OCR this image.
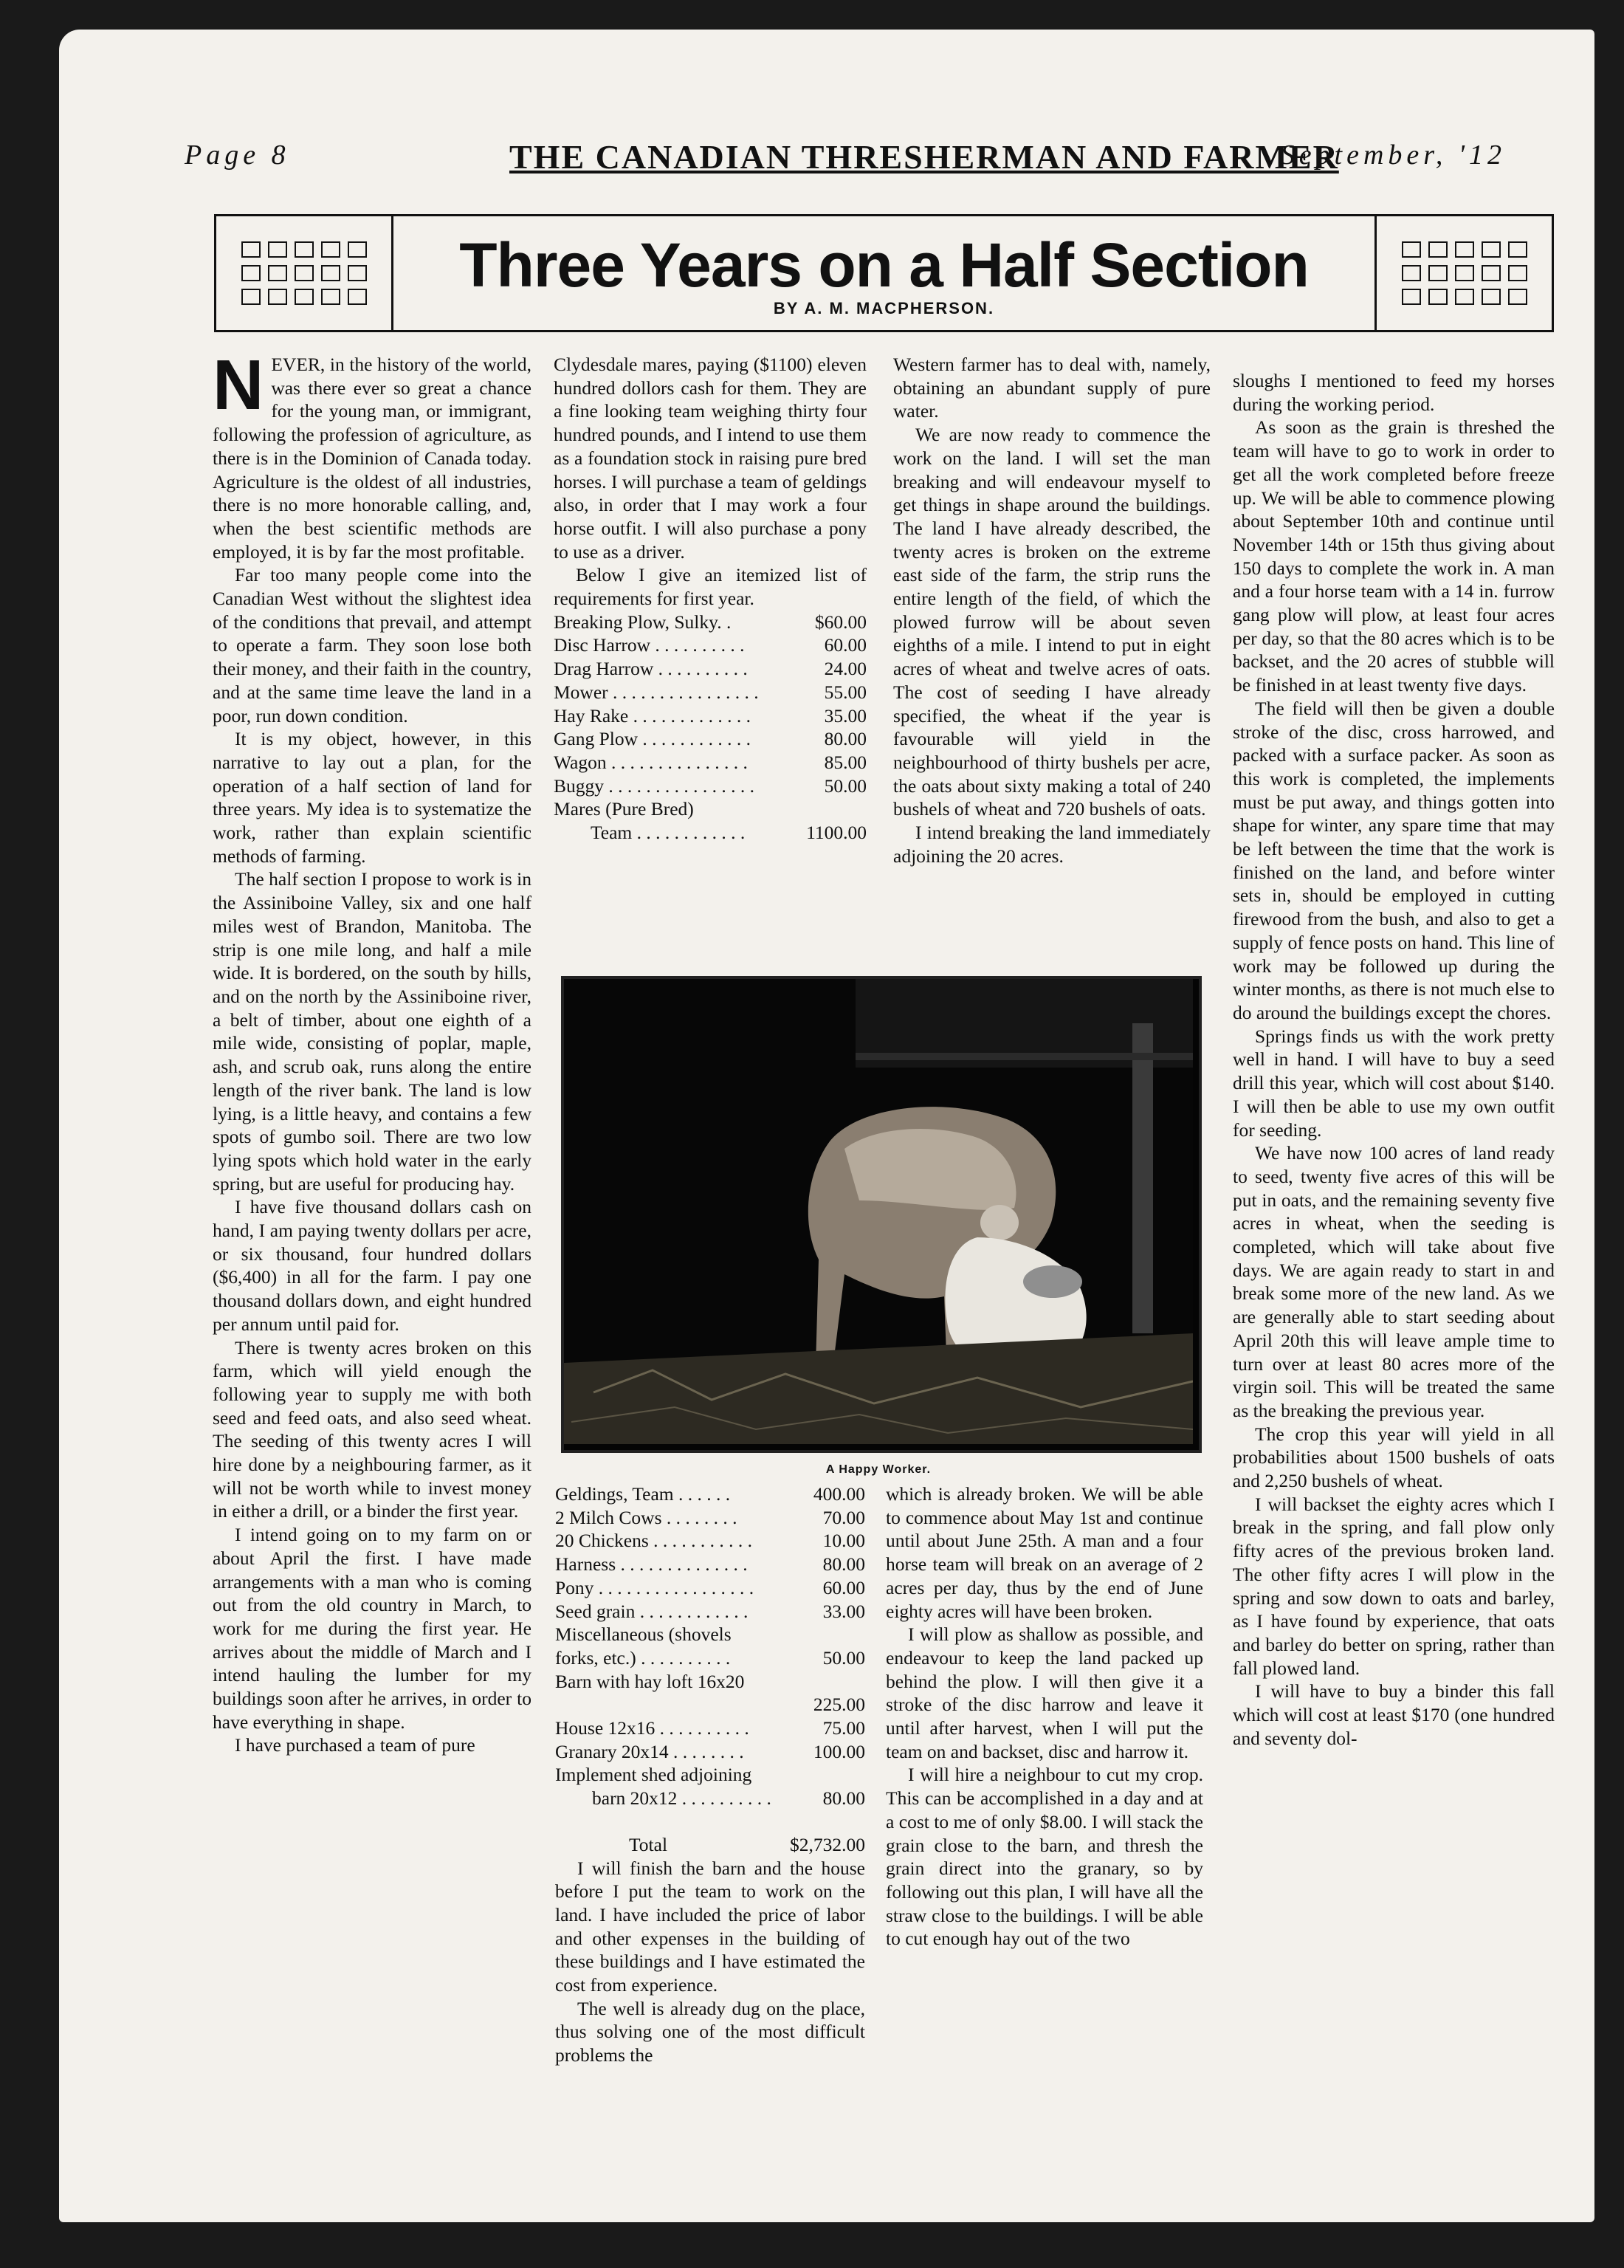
Page 8	THE CANADIAN THRESHERMAN AND FARMER
September, '12
Three Years on a Half Section
BY A. M. MACPHERSON.

NEVER, in the history of the world, was there ever so great a chance for the young man, or immigrant, following the profession of agriculture, as there is in the Dominion of Canada today. Agriculture is the oldest of all industries, there is no more honorable calling, and, when the best scientific methods are employed, it is by far the most profitable.

Far too many people come into the Canadian West without the slightest idea of the conditions that prevail, and attempt to operate a farm. They soon lose both their money, and their faith in the country, and at the same time leave the land in a poor, run down condition.

It is my object, however, in this narrative to lay out a plan, for the operation of a half section of land for three years. My idea is to systematize the work, rather than explain scientific methods of farming.

The half section I propose to work is in the Assiniboine Valley, six and one half miles west of Brandon, Manitoba. The strip is one mile long, and half a mile wide. It is bordered, on the south by hills, and on the north by the Assiniboine river, a belt of timber, about one eighth of a mile wide, consisting of poplar, maple, ash, and scrub oak, runs along the entire length of the river bank. The land is low lying, is a little heavy, and contains a few spots of gumbo soil. There are two low lying spots which hold water in the early spring, but are useful for producing hay.

I have five thousand dollars cash on hand, I am paying twenty dollars per acre, or six thousand, four hundred dollars ($6,400) in all for the farm. I pay one thousand dollars down, and eight hundred per annum until paid for.

There is twenty acres broken on this farm, which will yield enough the following year to supply me with both seed and feed oats, and also seed wheat. The seeding of this twenty acres I will hire done by a neighbouring farmer, as it will not be worth while to invest money in either a drill, or a binder the first year.

I intend going on to my farm on or about April the first. I have made arrangements with a man who is coming out from the old country in March, to work for me during the first year. He arrives about the middle of March and I intend hauling the lumber for my buildings soon after he arrives, in order to have everything in shape.

I have purchased a team of pure

Clydesdale mares, paying ($1100) eleven hundred dollors cash for them. They are a fine looking team weighing thirty four hundred pounds, and I intend to use them as a foundation stock in raising pure bred horses. I will purchase a team of geldings also, in order that I may work a four horse outfit. I will also purchase a pony to use as a driver.

Below I give an itemized list of requirements for first year.

Breaking Plow, Sulky. .	$60.00
Disc Harrow . . . . . . . . . .	60.00
Drag Harrow . . . . . . . . . .	24.00
Mower . . . . . . . . . . . . . . . .	55.00
Hay Rake . . . . . . . . . . . . .	35.00
Gang Plow . . . . . . . . . . . .	80.00
Wagon . . . . . . . . . . . . . . .	85.00
Buggy . . . . . . . . . . . . . . . .	50.00
Mares (Pure Bred)
Team . . . . . . . . . . . .	1100.00

Western farmer has to deal with, namely, obtaining an abundant supply of pure water.

We are now ready to commence the work on the land. I will set the man breaking and will endeavour myself to get things in shape around the buildings. The land I have already described, the twenty acres is broken on the extreme east side of the farm, the strip runs the entire length of the field, of which the plowed furrow will be about seven eighths of a mile. I intend to put in eight acres of wheat and twelve acres of oats. The cost of seeding I have already specified, the wheat if the year is favourable will yield in the neighbourhood of thirty bushels per acre, the oats about sixty making a total of 240 bushels of wheat and 720 bushels of oats.

I intend breaking the land immediately adjoining the 20 acres.

A Happy Worker.
Geldings, Team . . . . . .	400.00
2 Milch Cows . . . . . . . .	70.00
20 Chickens . . . . . . . . . . .	10.00
Harness . . . . . . . . . . . . . .	80.00
Pony . . . . . . . . . . . . . . . . .	60.00
Seed grain . . . . . . . . . . . .	33.00
Miscellaneous (shovels
forks, etc.) . . . . . . . . . .	50.00
Barn with hay loft 16x20
225.00
House 12x16 . . . . . . . . . .	75.00
Granary 20x14 . . . . . . . .	100.00
Implement shed adjoining
barn 20x12 . . . . . . . . . .	80.00
Total	$2,732.00

I will finish the barn and the house before I put the team to work on the land. I have included the price of labor and other expenses in the building of these buildings and I have estimated the cost from experience.

The well is already dug on the place, thus solving one of the most difficult problems the

which is already broken. We will be able to commence about May 1st and continue until about June 25th. A man and a four horse team will break on an average of 2 acres per day, thus by the end of June eighty acres will have been broken.

I will plow as shallow as possible, and endeavour to keep the land packed up behind the plow. I will then give it a stroke of the disc harrow and leave it until after harvest, when I will put the team on and backset, disc and harrow it.

I will hire a neighbour to cut my crop. This can be accomplished in a day and at a cost to me of only $8.00. I will stack the grain close to the barn, and thresh the grain direct into the granary, so by following out this plan, I will have all the straw close to the buildings. I will be able to cut enough hay out of the two

sloughs I mentioned to feed my horses during the working period.

As soon as the grain is threshed the team will have to go to work in order to get all the work completed before freeze up. We will be able to commence plowing about September 10th and continue until November 14th or 15th thus giving about 150 days to complete the work in. A man and a four horse team with a 14 in. furrow gang plow will plow, at least four acres per day, so that the 80 acres which is to be backset, and the 20 acres of stubble will be finished in at least twenty five days.

The field will then be given a double stroke of the disc, cross harrowed, and packed with a surface packer. As soon as this work is completed, the implements must be put away, and things gotten into shape for winter, any spare time that may be left between the time that the work is finished on the land, and before winter sets in, should be employed in cutting firewood from the bush, and also to get a supply of fence posts on hand. This line of work may be followed up during the winter months, as there is not much else to do around the buildings except the chores.

Springs finds us with the work pretty well in hand. I will have to buy a seed drill this year, which will cost about $140. I will then be able to use my own outfit for seeding.

We have now 100 acres of land ready to seed, twenty five acres of this will be put in oats, and the remaining seventy five acres in wheat, when the seeding is completed, which will take about five days. We are again ready to start in and break some more of the new land. As we are generally able to start seeding about April 20th this will leave ample time to turn over at least 80 acres more of the virgin soil. This will be treated the same as the breaking the previous year.

The crop this year will yield in all probabilities about 1500 bushels of oats and 2,250 bushels of wheat.

I will backset the eighty acres which I break in the spring, and fall plow only fifty acres of the previous broken land. The other fifty acres I will plow in the spring and sow down to oats and barley, as I have found by experience, that oats and barley do better on spring, rather than fall plowed land.

I will have to buy a binder this fall which will cost at least $170 (one hundred and seventy dol-
